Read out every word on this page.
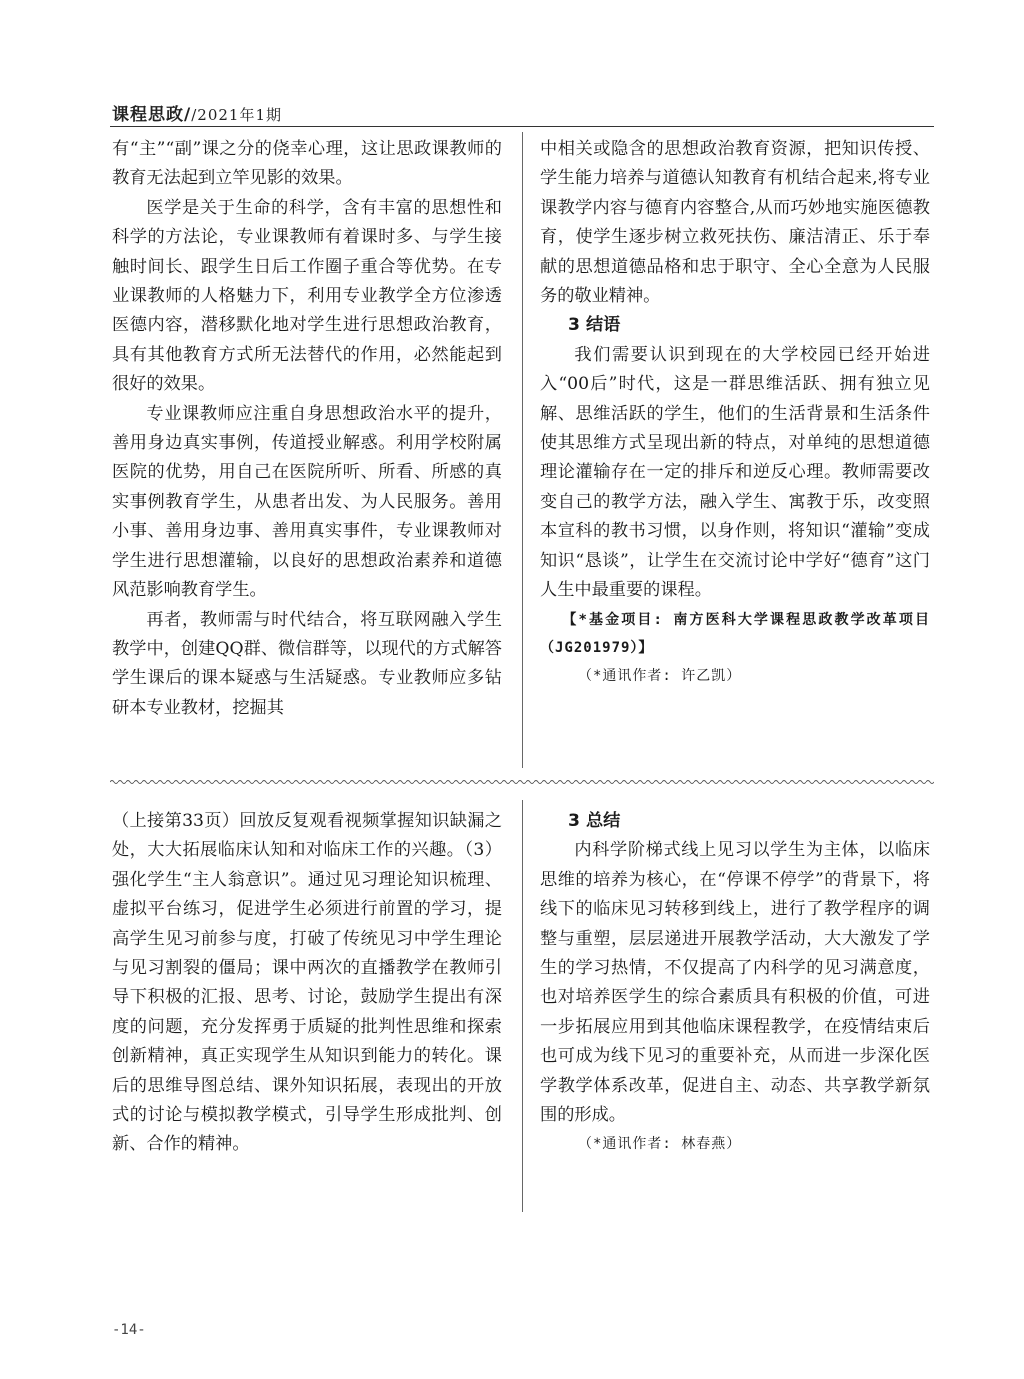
课程思政//2021年1期

有“主”“副”课之分的侥幸心理，这让思政课教师的教育无法起到立竿见影的效果。

医学是关于生命的科学，含有丰富的思想性和科学的方法论，专业课教师有着课时多、与学生接触时间长、跟学生日后工作圈子重合等优势。在专业课教师的人格魅力下，利用专业教学全方位渗透医德内容，潜移默化地对学生进行思想政治教育，具有其他教育方式所无法替代的作用，必然能起到很好的效果。

专业课教师应注重自身思想政治水平的提升，善用身边真实事例，传道授业解惑。利用学校附属医院的优势，用自己在医院所听、所看、所感的真实事例教育学生，从患者出发、为人民服务。善用小事、善用身边事、善用真实事件，专业课教师对学生进行思想灌输，以良好的思想政治素养和道德风范影响教育学生。

再者，教师需与时代结合，将互联网融入学生教学中，创建QQ群、微信群等，以现代的方式解答学生课后的课本疑惑与生活疑惑。专业教师应多钻研本专业教材，挖掘其

中相关或隐含的思想政治教育资源，把知识传授、学生能力培养与道德认知教育有机结合起来,将专业课教学内容与德育内容整合,从而巧妙地实施医德教育，使学生逐步树立救死扶伤、廉洁清正、乐于奉献的思想道德品格和忠于职守、全心全意为人民服务的敬业精神。

3 结语

我们需要认识到现在的大学校园已经开始进入“00后”时代，这是一群思维活跃、拥有独立见解、思维活跃的学生，他们的生活背景和生活条件使其思维方式呈现出新的特点，对单纯的思想道德理论灌输存在一定的排斥和逆反心理。教师需要改变自己的教学方法，融入学生、寓教于乐，改变照本宣科的教书习惯，以身作则，将知识“灌输”变成知识“恳谈”，让学生在交流讨论中学好“德育”这门人生中最重要的课程。

【*基金项目: 南方医科大学课程思政教学改革项目 （JG201979）】
（*通讯作者: 许乙凯）

（上接第33页）回放反复观看视频掌握知识缺漏之处，大大拓展临床认知和对临床工作的兴趣。（3）强化学生“主人翁意识”。通过见习理论知识梳理、虚拟平台练习，促进学生必须进行前置的学习，提高学生见习前参与度，打破了传统见习中学生理论与见习割裂的僵局；课中两次的直播教学在教师引导下积极的汇报、思考、讨论，鼓励学生提出有深度的问题，充分发挥勇于质疑的批判性思维和探索创新精神，真正实现学生从知识到能力的转化。课后的思维导图总结、课外知识拓展，表现出的开放式的讨论与模拟教学模式，引导学生形成批判、创新、合作的精神。

3 总结

内科学阶梯式线上见习以学生为主体，以临床思维的培养为核心，在“停课不停学”的背景下，将线下的临床见习转移到线上，进行了教学程序的调整与重塑，层层递进开展教学活动，大大激发了学生的学习热情，不仅提高了内科学的见习满意度，也对培养医学生的综合素质具有积极的价值，可进一步拓展应用到其他临床课程教学，在疫情结束后也可成为线下见习的重要补充，从而进一步深化医学教学体系改革，促进自主、动态、共享教学新氛围的形成。

（*通讯作者: 林春燕）
-14-
